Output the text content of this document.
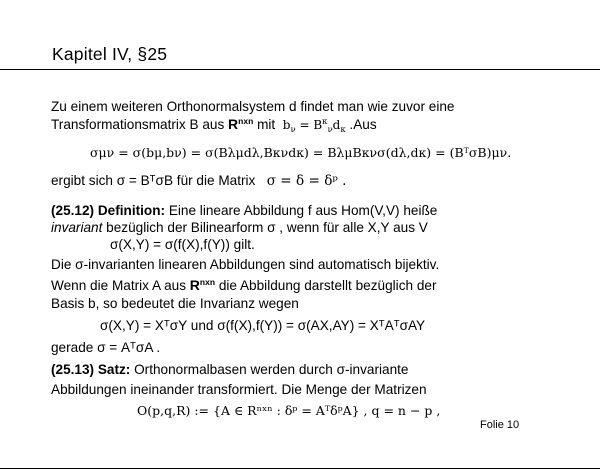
Kapitel IV, §25
Zu einem weiteren Orthonormalsystem d findet man wie zuvor eine
Transformationsmatrix B aus $R^{nxn}$ mit  $b_\nu = B^\kappa_\nu d_\kappa$ .Aus
σμν = σ(bμ,bν) = σ(Bλμdλ,Bκνdκ) = BλμBκνσ(dλ,dκ) = (BᵀσB)μν.
ergibt sich σ = BᵀσB für die Matrix σ = δ = δᵖ .
(25.12) Definition: Eine lineare Abbildung f aus Hom(V,V) heiße
invariant bezüglich der Bilinearform σ , wenn für alle X,Y aus V
σ(X,Y) = σ(f(X),f(Y)) gilt.
Die σ-invarianten linearen Abbildungen sind automatisch bijektiv.
Wenn die Matrix A aus $R^{nxn}$ die Abbildung darstellt bezüglich der
Basis b, so bedeutet die Invarianz wegen
σ(X,Y) = XᵀσY und σ(f(X),f(Y)) = σ(AX,AY) = XᵀAᵀσAY
gerade σ = AᵀσA .
(25.13) Satz: Orthonormalbasen werden durch σ-invariante
Abbildungen ineinander transformiert. Die Menge der Matrizen
O(p,q,R) := {A ∈ Rⁿˣⁿ : δᵖ = AᵀδᵖA} , q = n − p ,
Folie 10
